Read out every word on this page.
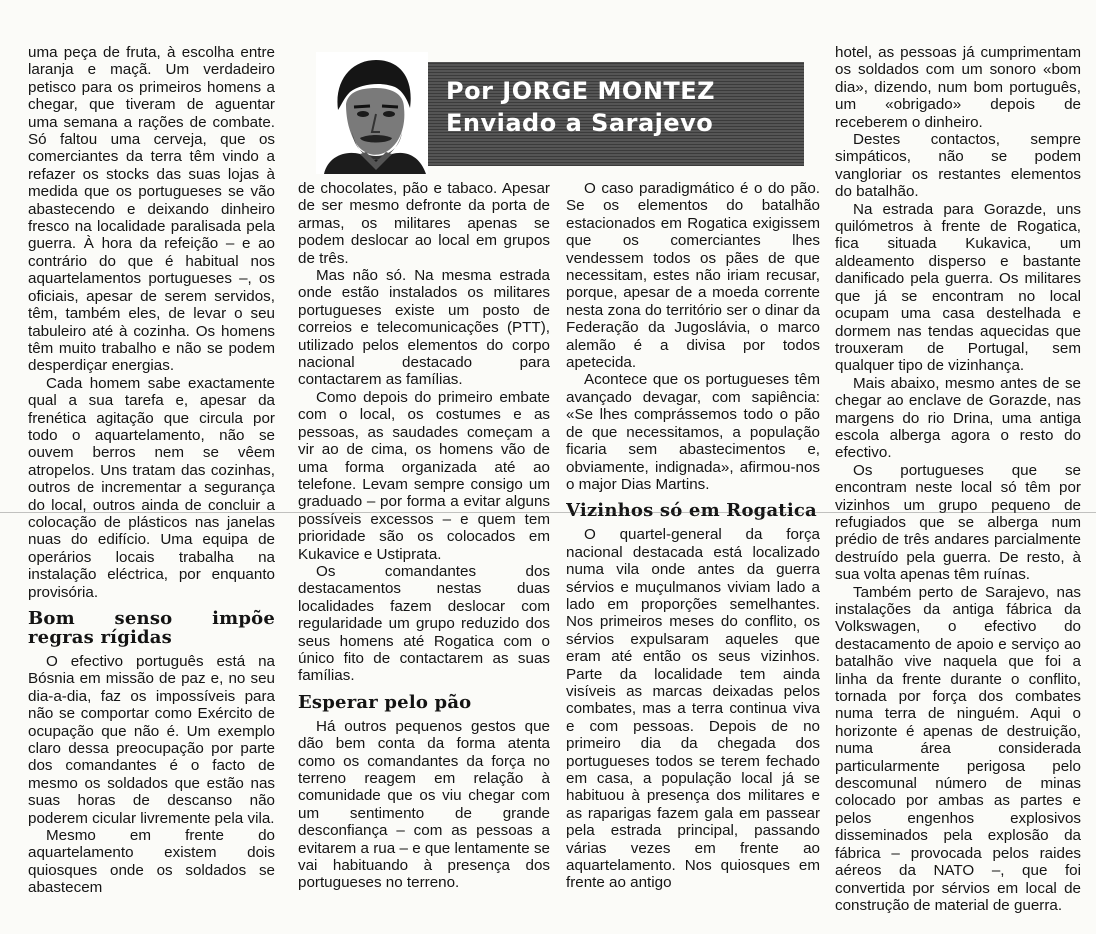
Por JORGE MONTEZ
Enviado a Sarajevo

uma peça de fruta, à escolha entre laranja e maçã. Um verdadeiro petisco para os primeiros homens a chegar, que tiveram de aguentar uma semana a rações de combate. Só faltou uma cerveja, que os comerciantes da terra têm vindo a refazer os stocks das suas lojas à medida que os portugueses se vão abastecendo e deixando dinheiro fresco na localidade paralisada pela guerra. À hora da refeição – e ao contrário do que é habitual nos aquartelamentos portugueses –, os oficiais, apesar de serem servidos, têm, também eles, de levar o seu tabuleiro até à cozinha. Os homens têm muito trabalho e não se podem desperdiçar energias.

Cada homem sabe exactamente qual a sua tarefa e, apesar da frenética agitação que circula por todo o aquartelamento, não se ouvem berros nem se vêem atropelos. Uns tratam das cozinhas, outros de incrementar a segurança do local, outros ainda de concluir a colocação de plásticos nas janelas nuas do edifício. Uma equipa de operários locais trabalha na instalação eléctrica, por enquanto provisória.

Bom senso impõe regras rígidas

O efectivo português está na Bósnia em missão de paz e, no seu dia-a-dia, faz os impossíveis para não se comportar como Exército de ocupação que não é. Um exemplo claro dessa preocupação por parte dos comandantes é o facto de mesmo os soldados que estão nas suas horas de descanso não poderem cicular livremente pela vila.

Mesmo em frente do aquartelamento existem dois quiosques onde os soldados se abastecem

de chocolates, pão e tabaco. Apesar de ser mesmo defronte da porta de armas, os militares apenas se podem deslocar ao local em grupos de três.

Mas não só. Na mesma estrada onde estão instalados os militares portugueses existe um posto de correios e telecomunicações (PTT), utilizado pelos elementos do corpo nacional destacado para contactarem as famílias.

Como depois do primeiro embate com o local, os costumes e as pessoas, as saudades começam a vir ao de cima, os homens vão de uma forma organizada até ao telefone. Levam sempre consigo um graduado – por forma a evitar alguns possíveis excessos – e quem tem prioridade são os colocados em Kukavice e Ustiprata.

Os comandantes dos destacamentos nestas duas localidades fazem deslocar com regularidade um grupo reduzido dos seus homens até Rogatica com o único fito de contactarem as suas famílias.

Esperar pelo pão

Há outros pequenos gestos que dão bem conta da forma atenta como os comandantes da força no terreno reagem em relação à comunidade que os viu chegar com um sentimento de grande desconfiança – com as pessoas a evitarem a rua – e que lentamente se vai habituando à presença dos portugueses no terreno.

O caso paradigmático é o do pão. Se os elementos do batalhão estacionados em Rogatica exigissem que os comerciantes lhes vendessem todos os pães de que necessitam, estes não iriam recusar, porque, apesar de a moeda corrente nesta zona do território ser o dinar da Federação da Jugoslávia, o marco alemão é a divisa por todos apetecida.

Acontece que os portugueses têm avançado devagar, com sapiência: «Se lhes comprássemos todo o pão de que necessitamos, a população ficaria sem abastecimentos e, obviamente, indignada», afirmou-nos o major Dias Martins.

Vizinhos só em Rogatica

O quartel-general da força nacional destacada está localizado numa vila onde antes da guerra sérvios e muçulmanos viviam lado a lado em proporções semelhantes. Nos primeiros meses do conflito, os sérvios expulsaram aqueles que eram até então os seus vizinhos. Parte da localidade tem ainda visíveis as marcas deixadas pelos combates, mas a terra continua viva e com pessoas. Depois de no primeiro dia da chegada dos portugueses todos se terem fechado em casa, a população local já se habituou à presença dos militares e as raparigas fazem gala em passear pela estrada principal, passando várias vezes em frente ao aquartelamento. Nos quiosques em frente ao antigo

hotel, as pessoas já cumprimentam os soldados com um sonoro «bom dia», dizendo, num bom português, um «obrigado» depois de receberem o dinheiro.

Destes contactos, sempre simpáticos, não se podem vangloriar os restantes elementos do batalhão.

Na estrada para Gorazde, uns quilómetros à frente de Rogatica, fica situada Kukavica, um aldeamento disperso e bastante danificado pela guerra. Os militares que já se encontram no local ocupam uma casa destelhada e dormem nas tendas aquecidas que trouxeram de Portugal, sem qualquer tipo de vizinhança.

Mais abaixo, mesmo antes de se chegar ao enclave de Gorazde, nas margens do rio Drina, uma antiga escola alberga agora o resto do efectivo.

Os portugueses que se encontram neste local só têm por vizinhos um grupo pequeno de refugiados que se alberga num prédio de três andares parcialmente destruído pela guerra. De resto, à sua volta apenas têm ruínas.

Também perto de Sarajevo, nas instalações da antiga fábrica da Volkswagen, o efectivo do destacamento de apoio e serviço ao batalhão vive naquela que foi a linha da frente durante o conflito, tornada por força dos combates numa terra de ninguém. Aqui o horizonte é apenas de destruição, numa área considerada particularmente perigosa pelo descomunal número de minas colocado por ambas as partes e pelos engenhos explosivos disseminados pela explosão da fábrica – provocada pelos raides aéreos da NATO –, que foi convertida por sérvios em local de construção de material de guerra.
